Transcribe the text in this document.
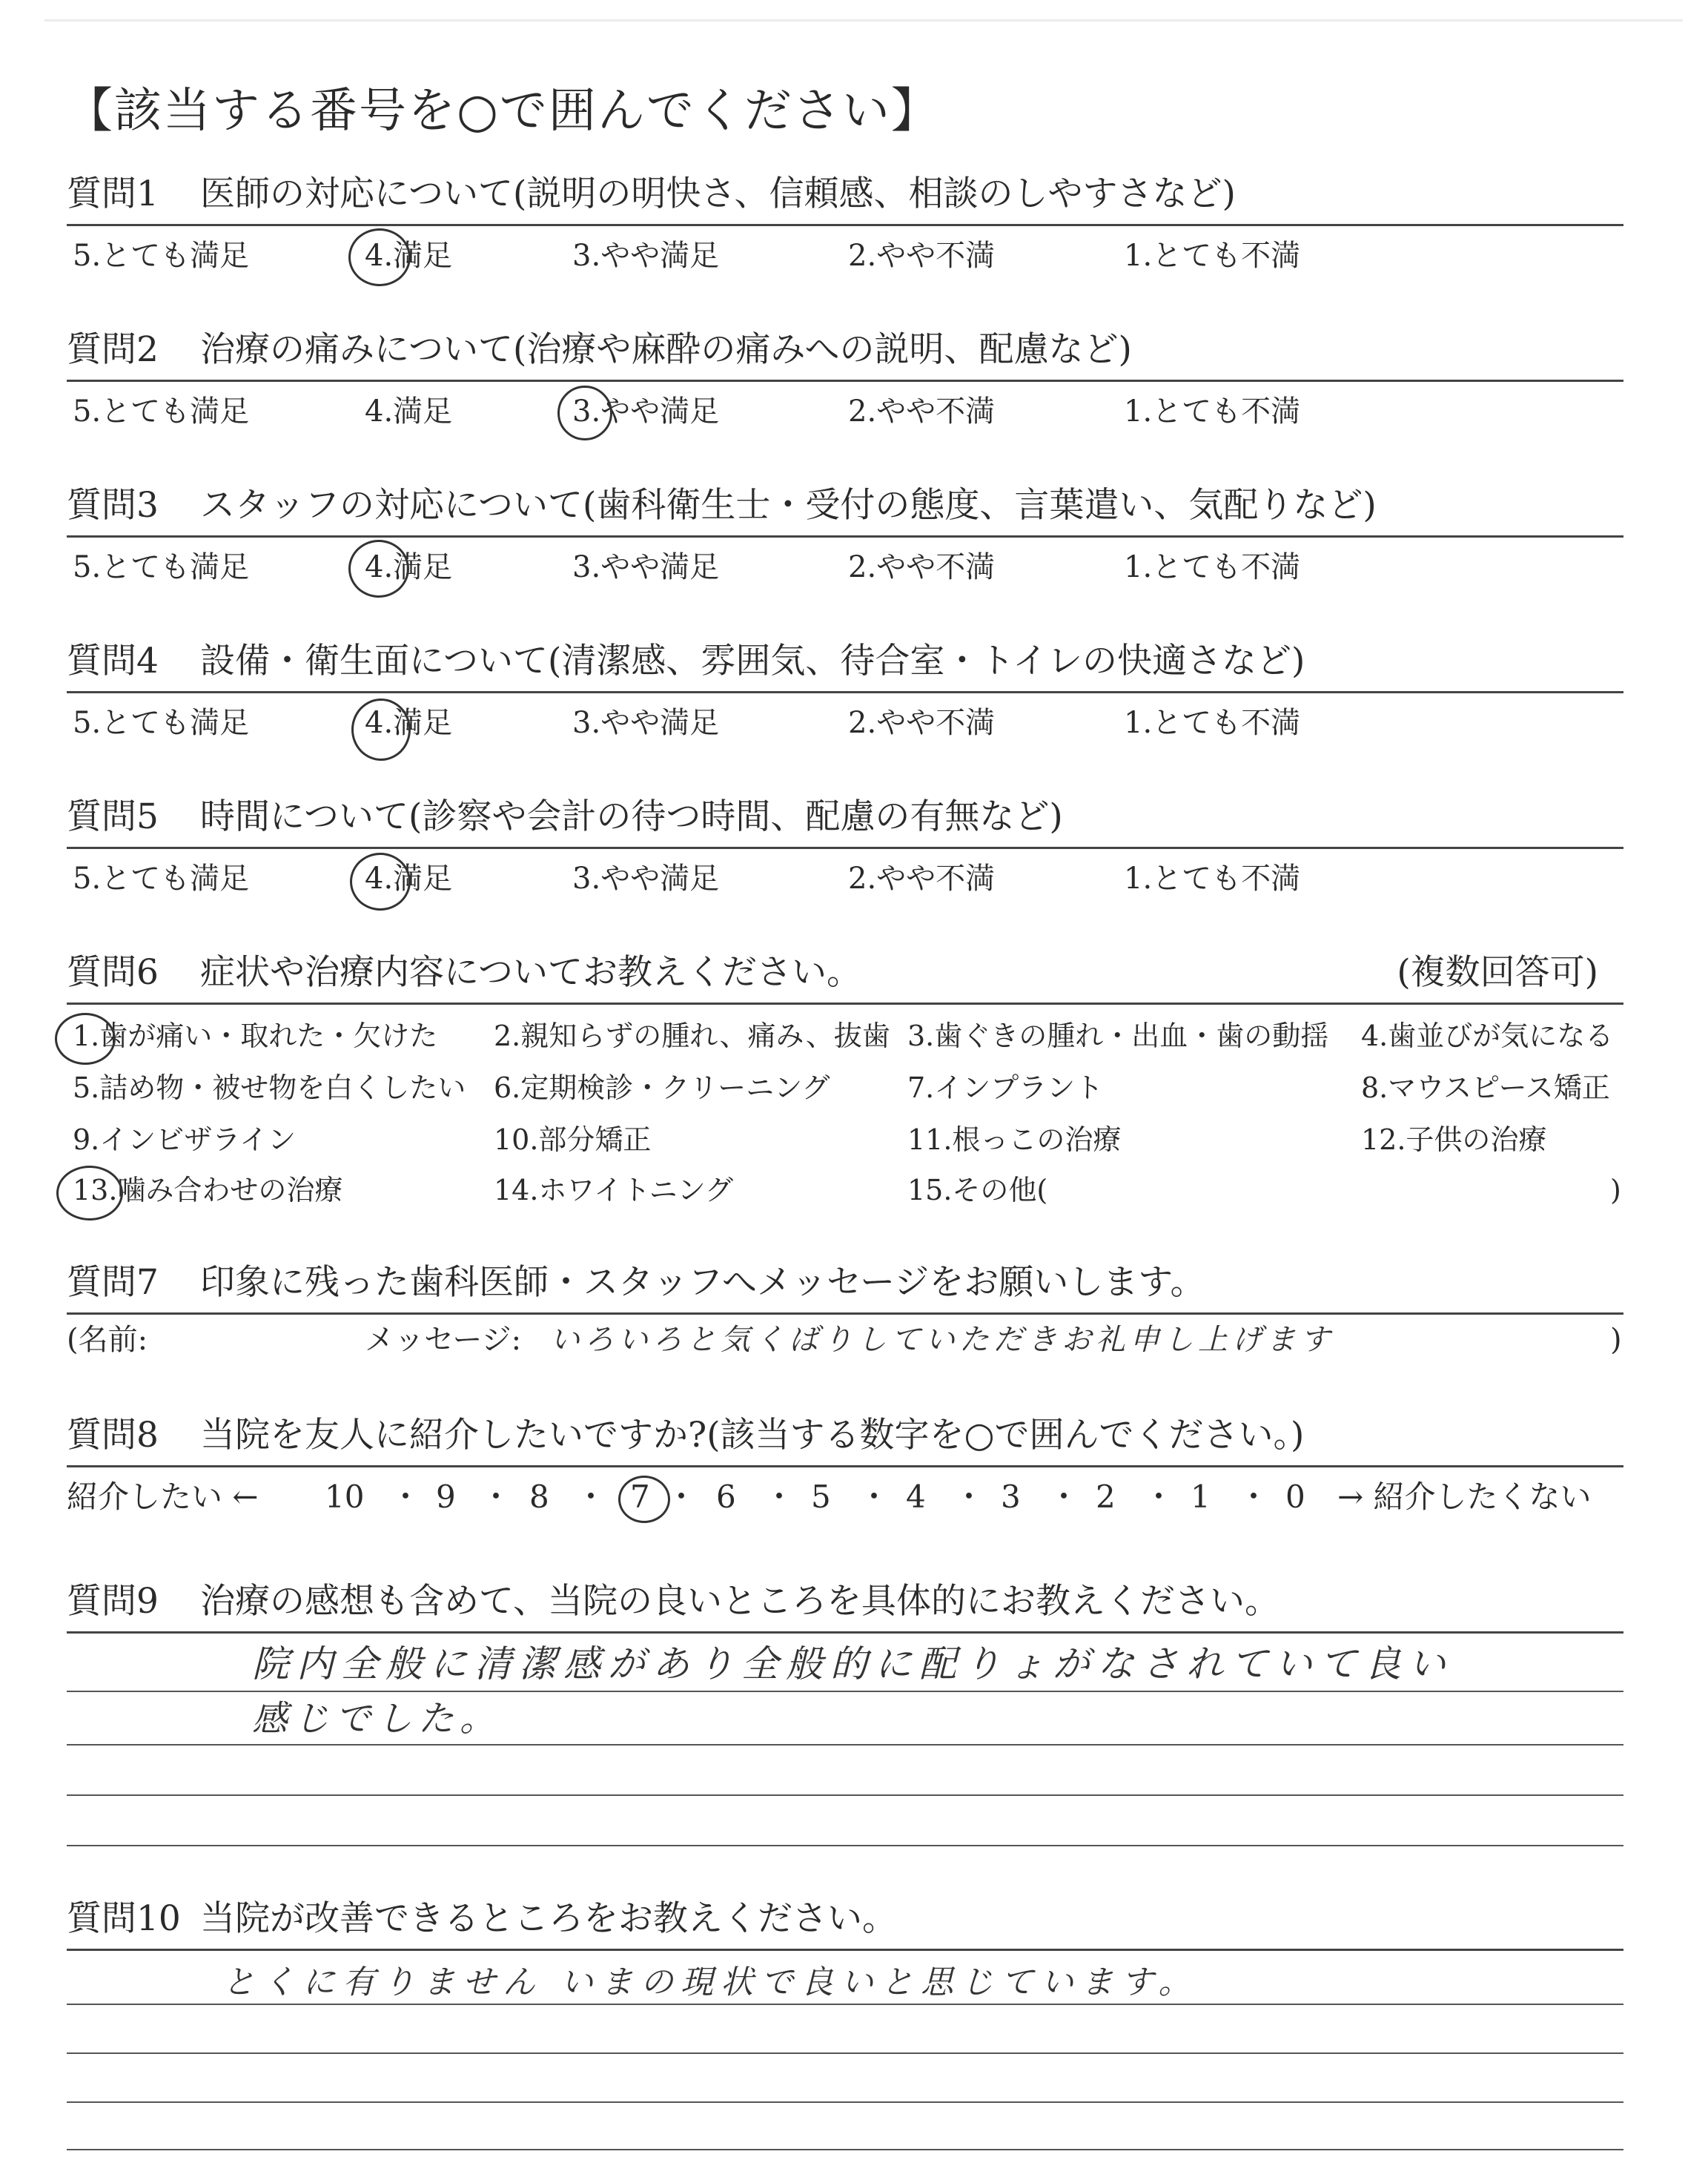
【該当する番号を○で囲んでください】
質問1 医師の対応について(説明の明快さ、信頼感、相談のしやすさなど)
5.とても満足	4.満足	3.やや満足	2.やや不満	1.とても不満
質問2 治療の痛みについて(治療や麻酔の痛みへの説明、配慮など)
5.とても満足	4.満足	3.やや満足	2.やや不満	1.とても不満
質問3 スタッフの対応について(歯科衛生士・受付の態度、言葉遣い、気配りなど)
5.とても満足	4.満足	3.やや満足	2.やや不満	1.とても不満
質問4 設備・衛生面について(清潔感、雰囲気、待合室・トイレの快適さなど)
5.とても満足	4.満足	3.やや満足	2.やや不満	1.とても不満
質問5 時間について(診察や会計の待つ時間、配慮の有無など)
5.とても満足	4.満足	3.やや満足	2.やや不満	1.とても不満
質問6 症状や治療内容についてお教えください。	(複数回答可)
1.歯が痛い・取れた・欠けた 2.親知らずの腫れ、痛み、抜歯 3.歯ぐきの腫れ・出血・歯の動揺 4.歯並びが気になる
5.詰め物・被せ物を白くしたい 6.定期検診・クリーニング	7.インプラント	8.マウスピース矯正
9.インビザライン	10.部分矯正	11.根っこの治療	12.子供の治療
13.噛み合わせの治療	14.ホワイトニング	15.その他(	)
質問7 印象に残った歯科医師・スタッフへメッセージをお願いします。
(名前:	メッセージ: いろいろと気くばりしていただきお礼申し上げます	)
質問8 当院を友人に紹介したいですか?(該当する数字を○で囲んでください。)
紹介したい ← 10 ・ 9 ・ 8 ・ 7 ・ 6 ・ 5 ・ 4 ・ 3 ・ 2 ・ 1 ・ 0 → 紹介したくない
質問9 治療の感想も含めて、当院の良いところを具体的にお教えください。
院内全般に清潔感があり全般的に配りょがなされていて良い
感じでした。
質問10 当院が改善できるところをお教えください。
とくに有りません いまの現状で良いと思じています。
